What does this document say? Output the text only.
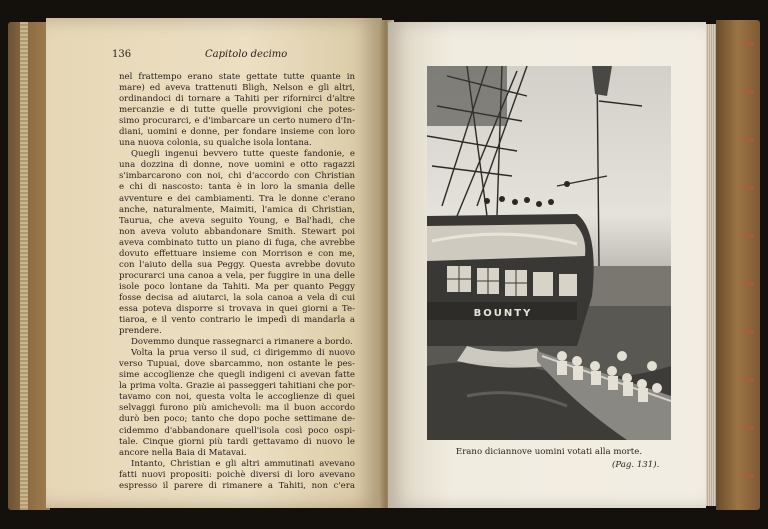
136	Capitolo decimo
nel frattempo erano state gettate tutte quante in
mare) ed aveva trattenuti Bligh, Nelson e gli altri,
ordinandoci di tornare a Tahiti per rifornirci d'altre
mercanzie e di tutte quelle provvigioni che potes-
simo procurarci, e d'imbarcare un certo numero d'In-
diani, uomini e donne, per fondare insieme con loro
una nuova colonia, su qualche isola lontana.
Quegli ingenui bevvero tutte queste fandonie, e
una dozzina di donne, nove uomini e otto ragazzi
s'imbarcarono con noi, chi d'accordo con Christian
e chi di nascosto: tanta è in loro la smania delle
avventure e dei cambiamenti. Tra le donne c'erano
anche, naturalmente, Maimiti, l'amica di Christian,
Taurua, che aveva seguito Young, e Bal'hadi, che
non aveva voluto abbandonare Smith. Stewart poi
aveva combinato tutto un piano di fuga, che avrebbe
dovuto effettuare insieme con Morrison e con me,
con l'aiuto della sua Peggy. Questa avrebbe dovuto
procurarci una canoa a vela, per fuggire in una delle
isole poco lontane da Tahiti. Ma per quanto Peggy
fosse decisa ad aiutarci, la sola canoa a vela di cui
essa poteva disporre si trovava in quei giorni a Te-
tiaroa, e il vento contrario le impedì di mandarla a
prendere.
Dovemmo dunque rassegnarci a rimanere a bordo.
Volta la prua verso il sud, ci dirigemmo di nuovo
verso Tupuai, dove sbarcammo, non ostante le pes-
sime accoglienze che quegli indigeni ci avevan fatte
la prima volta. Grazie ai passeggeri tahitiani che por-
tavamo con noi, questa volta le accoglienze di quei
selvaggi furono più amichevoli: ma il buon accordo
durò ben poco; tanto che dopo poche settimane de-
cidemmo d'abbandonare quell'isola così poco ospi-
tale. Cinque giorni più tardi gettavamo di nuovo le
ancore nella Baia di Matavai.
Intanto, Christian e gli altri ammutinati avevano
fatti nuovi propositi: poichè diversi di loro avevano
espresso il parere di rimanere a Tahiti, non c'era
BOUNTY
Erano diciannove uomini votati alla morte.
(Pag. 131).
